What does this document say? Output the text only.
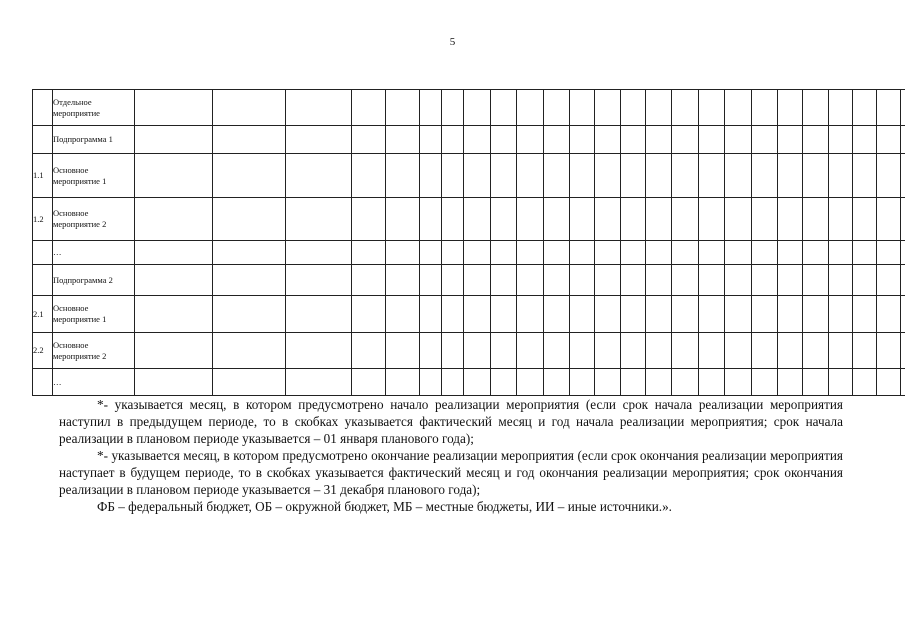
5
	Отдельное мероприятие																													
	Подпрограмма 1																													
1.1	Основное мероприятие 1																													
1.2	Основное мероприятие 2																													
	…																													
	Подпрограмма 2																													
2.1	Основное мероприятие 1																													
2.2	Основное мероприятие 2																													
	…																													

*- указывается месяц, в котором предусмотрено начало реализации мероприятия (если срок начала реализации мероприятия наступил в предыдущем периоде, то в скобках указывается фактический месяц и год начала реализации мероприятия; срок начала реализации в плановом периоде указывается – 01 января планового года);

*- указывается месяц, в котором предусмотрено окончание реализации мероприятия (если срок окончания реализации мероприятия наступает в будущем периоде, то в скобках указывается фактический месяц и год окончания реализации мероприятия; срок окончания реализации в плановом периоде указывается – 31 декабря планового года);

ФБ – федеральный бюджет, ОБ – окружной бюджет, МБ – местные бюджеты, ИИ – иные источники.».
